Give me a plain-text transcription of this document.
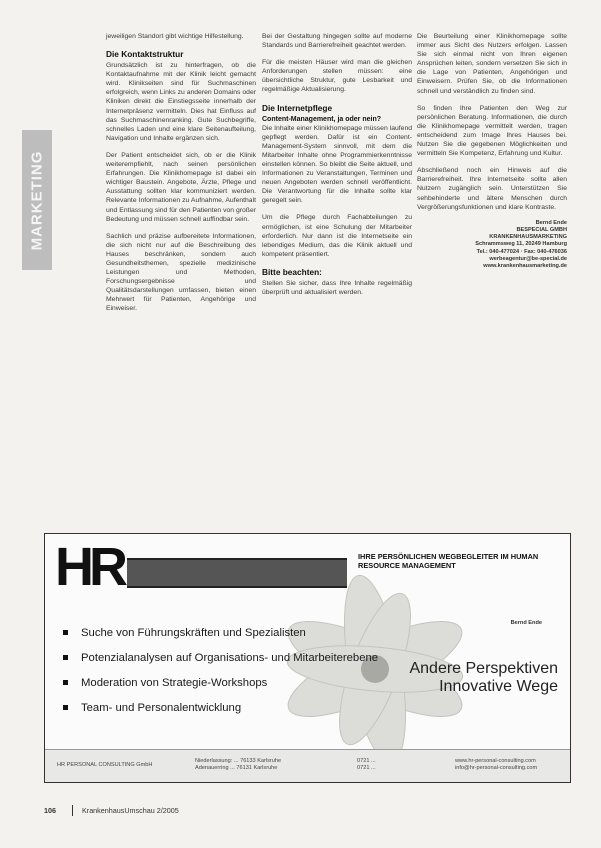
MARKETING

jeweiligen Standort gibt wichtige Hilfestellung.

Die Kontaktstruktur

Grundsätzlich ist zu hinterfragen, ob die Kontaktaufnahme mit der Klinik leicht gemacht wird. Klinikseiten sind für Suchmaschinen erfolgreich, wenn Links zu anderen Domains oder Kliniken direkt die Einstiegsseite innerhalb der Internetpräsenz vermitteln. Dies hat Einfluss auf das Suchmaschinenranking. Gute Suchbegriffe, schnelles Laden und eine klare Seitenaufteilung, Navigation und Inhalte ergänzen sich.

Der Patient entscheidet sich, ob er die Klinik weiterempfiehlt, nach seinen persönlichen Erfahrungen. Die Klinikhomepage ist dabei ein wichtiger Baustein. Angebote, Ärzte, Pflege und Ausstattung sollten klar kommuniziert werden. Relevante Informationen zu Aufnahme, Aufenthalt und Entlassung sind für den Patienten von großer Bedeutung und müssen schnell auffindbar sein.

Sachlich und präzise aufbereitete Informationen, die sich nicht nur auf die Beschreibung des Hauses beschränken, sondern auch Gesundheitsthemen, spezielle medizinische Leistungen und Methoden, Forschungsergebnisse und Qualitätsdarstellungen umfassen, bieten einen Mehrwert für Patienten, Angehörige und Einweiser.

Bei der Gestaltung hingegen sollte auf moderne Standards und Barrierefreiheit geachtet werden.

Für die meisten Häuser wird man die gleichen Anforderungen stellen müssen: eine übersichtliche Struktur, gute Lesbarkeit und regelmäßige Aktualisierung.

Die Internetpflege
Content-Management, ja oder nein?

Die Inhalte einer Klinikhomepage müssen laufend gepflegt werden. Dafür ist ein Content-Management-System sinnvoll, mit dem die Mitarbeiter Inhalte ohne Programmierkenntnisse einstellen können. So bleibt die Seite aktuell, und Informationen zu Veranstaltungen, Terminen und neuen Angeboten werden schnell veröffentlicht. Die Verantwortung für die Inhalte sollte klar geregelt sein.

Um die Pflege durch Fachabteilungen zu ermöglichen, ist eine Schulung der Mitarbeiter erforderlich. Nur dann ist die Internetseite ein lebendiges Medium, das die Klinik aktuell und kompetent präsentiert.

Bitte beachten:

Stellen Sie sicher, dass Ihre Inhalte regelmäßig überprüft und aktualisiert werden.

Die Beurteilung einer Klinikhomepage sollte immer aus Sicht des Nutzers erfolgen. Lassen Sie sich einmal nicht von Ihren eigenen Ansprüchen leiten, sondern versetzen Sie sich in die Lage von Patienten, Angehörigen und Einweisern. Prüfen Sie, ob die Informationen schnell und verständlich zu finden sind.

So finden Ihre Patienten den Weg zur persönlichen Beratung. Informationen, die durch die Klinikhomepage vermittelt werden, tragen entscheidend zum Image Ihres Hauses bei. Nutzen Sie die gegebenen Möglichkeiten und vermitteln Sie Kompetenz, Erfahrung und Kultur.

Abschließend noch ein Hinweis auf die Barrierefreiheit. Ihre Internetseite sollte allen Nutzern zugänglich sein. Unterstützen Sie sehbehinderte und ältere Menschen durch Vergrößerungsfunktionen und klare Kontraste.

Bernd Ende
BESPECIAL GMBH
KRANKENHAUSMARKETING
Schrammsweg 11, 20249 Hamburg
Tel.: 040-477024 · Fax: 040-476036
werbeagentur@be-special.de
www.krankenhausmarketing.de
HR	IHRE PERSÖNLICHEN WEGBEGLEITER IM HUMAN RESOURCE MANAGEMENT
Bernd Ende
Suche von Führungskräften und Spezialisten
Potenzialanalysen auf Organisations- und Mitarbeiterebene
Moderation von Strategie-Workshops
Team- und Personalentwicklung
Andere Perspektiven
Innovative Wege
HR PERSONAL CONSULTING GmbH
Niederlassung: ... 76133 Karlsruhe
Adenauerring ... 76131 Karlsruhe
0721 ...
0721 ...
www.hr-personal-consulting.com
info@hr-personal-consulting.com
106	KrankenhausUmschau 2/2005
